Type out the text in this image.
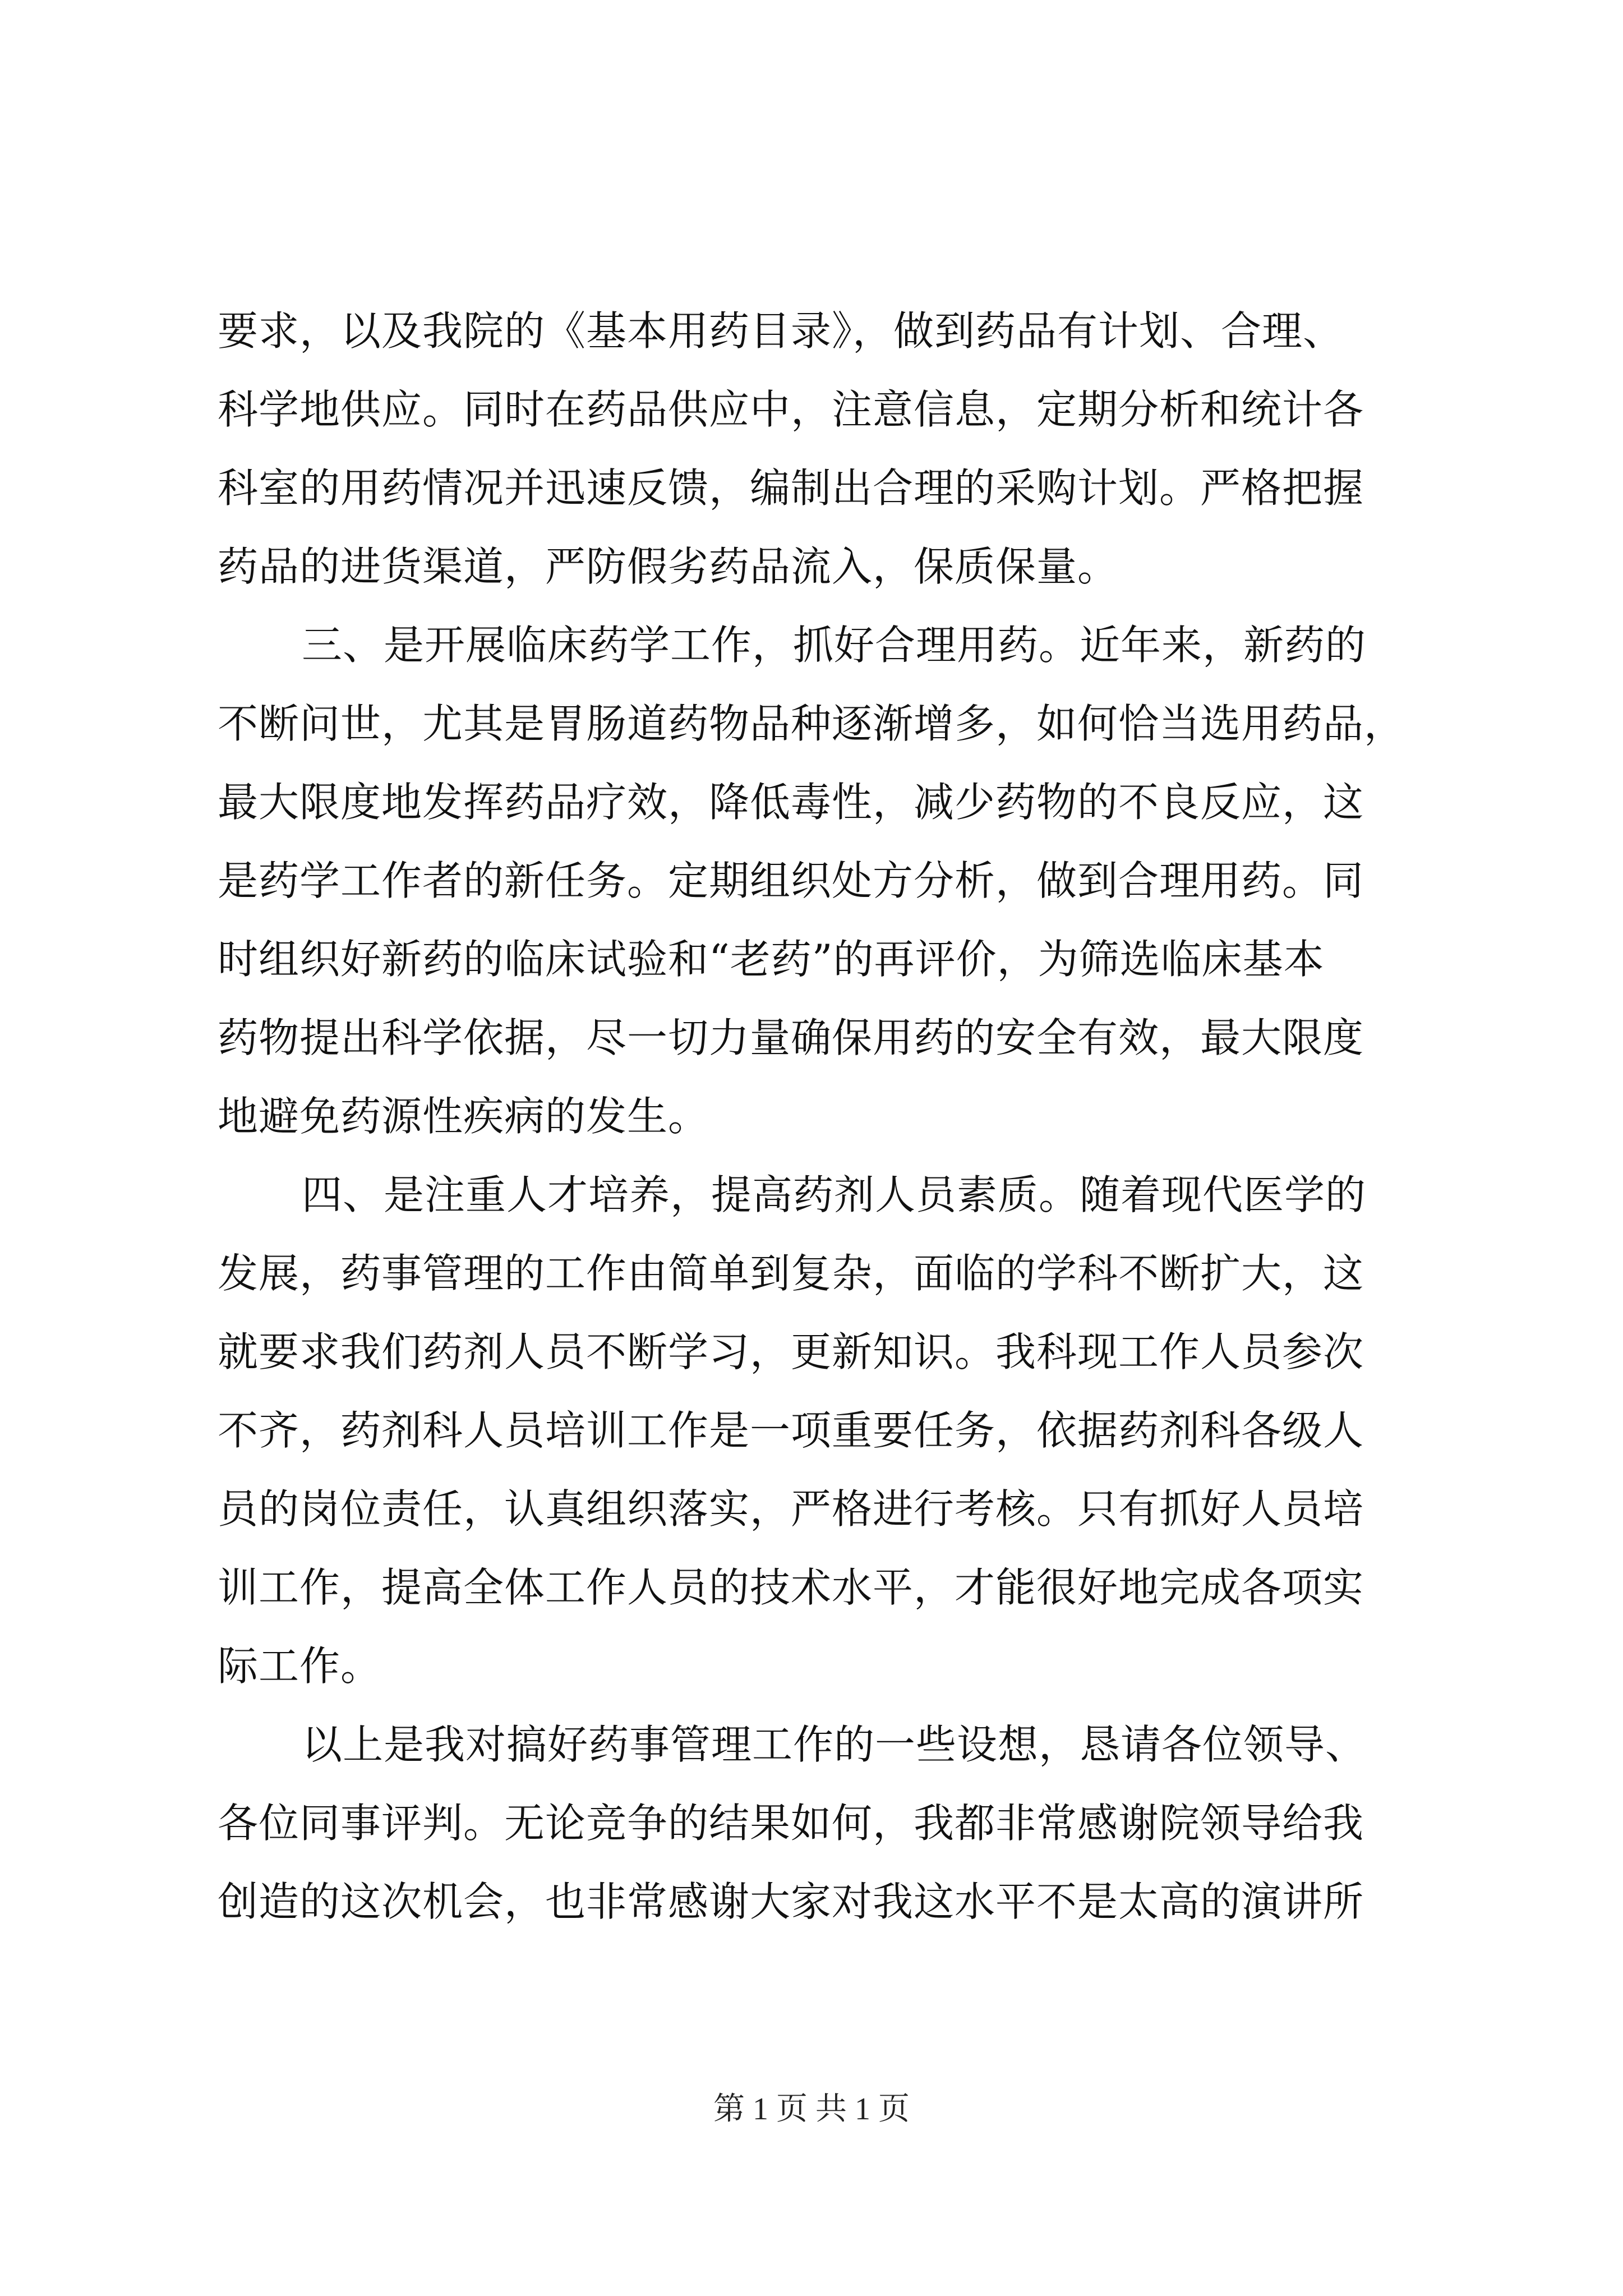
要求，以及我院的《基本用药目录》，做到药品有计划、合理、
科学地供应。同时在药品供应中，注意信息，定期分析和统计各
科室的用药情况并迅速反馈，编制出合理的采购计划。严格把握
药品的进货渠道，严防假劣药品流入，保质保量。
三、是开展临床药学工作，抓好合理用药。近年来，新药的
不断问世，尤其是胃肠道药物品种逐渐增多，如何恰当选用药品，
最大限度地发挥药品疗效，降低毒性，减少药物的不良反应，这
是药学工作者的新任务。定期组织处方分析，做到合理用药。同
时组织好新药的临床试验和“老药”的再评价，为筛选临床基本
药物提出科学依据，尽一切力量确保用药的安全有效，最大限度
地避免药源性疾病的发生。
四、是注重人才培养，提高药剂人员素质。随着现代医学的
发展，药事管理的工作由简单到复杂，面临的学科不断扩大，这
就要求我们药剂人员不断学习，更新知识。我科现工作人员参次
不齐，药剂科人员培训工作是一项重要任务，依据药剂科各级人
员的岗位责任，认真组织落实，严格进行考核。只有抓好人员培
训工作，提高全体工作人员的技术水平，才能很好地完成各项实
际工作。
以上是我对搞好药事管理工作的一些设想，恳请各位领导、
各位同事评判。无论竞争的结果如何，我都非常感谢院领导给我
创造的这次机会，也非常感谢大家对我这水平不是太高的演讲所
第 1 页 共 1 页
